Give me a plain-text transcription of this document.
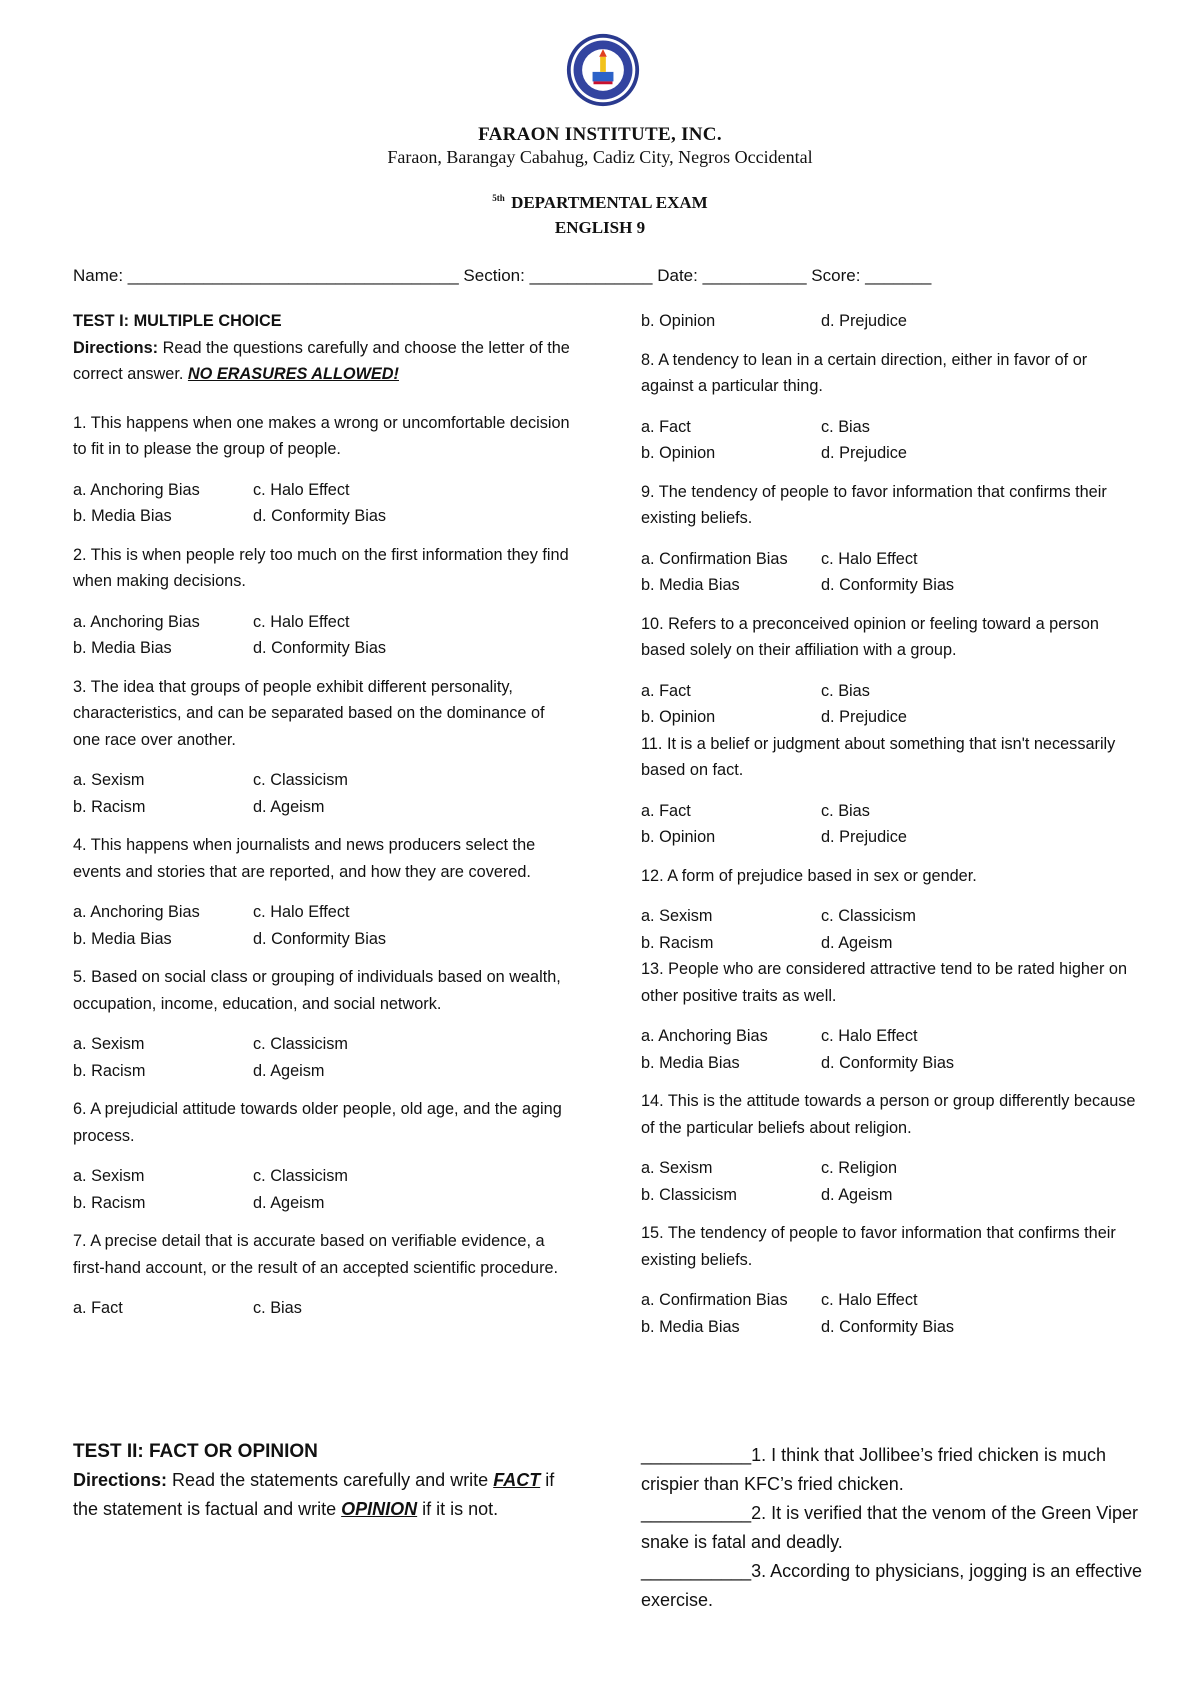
FARAON INSTITUTE, INC.
Faraon, Barangay Cabahug, Cadiz City, Negros Occidental
$^{5th}$ DEPARTMENTAL EXAM
ENGLISH 9
Name: ___________________________________ Section: _____________ Date: ___________ Score: _______

TEST I: MULTIPLE CHOICE

Directions: Read the questions carefully and choose the letter of the correct answer. NO ERASURES ALLOWED!

1. This happens when one makes a wrong or uncomfortable decision to fit in to please the group of people.

a. Anchoring Bias	c. Halo Effect
b. Media Bias	d. Conformity Bias

2. This is when people rely too much on the first information they find when making decisions.

a. Anchoring Bias	c. Halo Effect
b. Media Bias	d. Conformity Bias

3. The idea that groups of people exhibit different personality, characteristics, and can be separated based on the dominance of one race over another.

a. Sexism	c. Classicism
b. Racism	d. Ageism

4. This happens when journalists and news producers select the events and stories that are reported, and how they are covered.

a. Anchoring Bias	c. Halo Effect
b. Media Bias	d. Conformity Bias

5. Based on social class or grouping of individuals based on wealth, occupation, income, education, and social network.

a. Sexism	c. Classicism
b. Racism	d. Ageism

6. A prejudicial attitude towards older people, old age, and the aging process.

a. Sexism	c. Classicism
b. Racism	d. Ageism

7. A precise detail that is accurate based on verifiable evidence, a first-hand account, or the result of an accepted scientific procedure.

a. Fact	c. Bias
b. Opinion	d. Prejudice

8. A tendency to lean in a certain direction, either in favor of or against a particular thing.

a. Fact	c. Bias
b. Opinion	d. Prejudice

9. The tendency of people to favor information that confirms their existing beliefs.

a. Confirmation Bias	c. Halo Effect
b. Media Bias	d. Conformity Bias

10. Refers to a preconceived opinion or feeling toward a person based solely on their affiliation with a group.

a. Fact	c. Bias
b. Opinion	d. Prejudice

11. It is a belief or judgment about something that isn't necessarily based on fact.

a. Fact	c. Bias
b. Opinion	d. Prejudice

12. A form of prejudice based in sex or gender.

a. Sexism	c. Classicism
b. Racism	d. Ageism

13. People who are considered attractive tend to be rated higher on other positive traits as well.

a. Anchoring Bias	c. Halo Effect
b. Media Bias	d. Conformity Bias

14. This is the attitude towards a person or group differently because of the particular beliefs about religion.

a. Sexism	c. Religion
b. Classicism	d. Ageism

15. The tendency of people to favor information that confirms their existing beliefs.

a. Confirmation Bias	c. Halo Effect
b. Media Bias	d. Conformity Bias

TEST II: FACT OR OPINION

Directions: Read the statements carefully and write FACT if the statement is factual and write OPINION if it is not.

___________1. I think that Jollibee’s fried chicken is much crispier than KFC’s fried chicken.

___________2. It is verified that the venom of the Green Viper snake is fatal and deadly.

___________3. According to physicians, jogging is an effective exercise.
